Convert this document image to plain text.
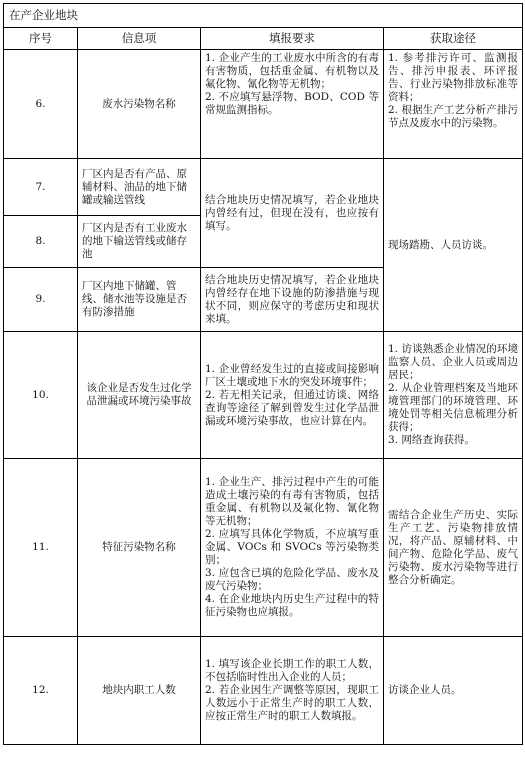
在产企业地块			
序号	信息项	填报要求	获取途径
6.	废水污染物名称	1. 企业产生的工业废水中所含的有毒有害物质，包括重金属、有机物以及氟化物、氰化物等无机物；
2. 不应填写悬浮物、BOD、COD 等常规监测指标。	1. 参考排污许可、监测报告、排污申报表、环评报告、行业污染物排放标准等资料；
2. 根据生产工艺分析产排污节点及废水中的污染物。

7.	厂区内是否有产品、原辅材料、油品的地下储罐或输送管线	结合地块历史情况填写，若企业地块内曾经有过，但现在没有，也应按有填写。	现场踏勘、人员访谈。

8.	厂区内是否有工业废水的地下输送管线或储存池		
9.	厂区内地下储罐、管线、储水池等设施是否有防渗措施	结合地块历史情况填写，若企业地块内曾经存在地下设施的防渗措施与现状不同，则应保守的考虑历史和现状来填。	

10.	该企业是否发生过化学品泄漏或环境污染事故	1. 企业曾经发生过的直接或间接影响厂区土壤或地下水的突发环境事件；
2. 若无相关记录，但通过访谈、网络查询等途径了解到曾发生过化学品泄漏或环境污染事故，也应计算在内。	1. 访谈熟悉企业情况的环境监察人员、企业人员或周边居民；
2. 从企业管理档案及当地环境管理部门的环境管理、环境处罚等相关信息梳理分析获得；
3. 网络查询获得。

11.	特征污染物名称	1. 企业生产、排污过程中产生的可能造成土壤污染的有毒有害物质，包括重金属、有机物以及氟化物、氰化物等无机物；
2. 应填写具体化学物质，不应填写重金属、VOCs 和 SVOCs 等污染物类别；
3. 应包含已填的危险化学品、废水及废气污染物；
4. 在企业地块内历史生产过程中的特征污染物也应填报。	需结合企业生产历史、实际生产工艺、污染物排放情况，将产品、原辅材料、中间产物、危险化学品、废气污染物、废水污染物等进行整合分析确定。

12.	地块内职工人数	1. 填写该企业长期工作的职工人数，不包括临时性出入企业的人员；
2. 若企业因生产调整等原因，现职工人数远小于正常生产时的职工人数，应按正常生产时的职工人数填报。	访谈企业人员。
